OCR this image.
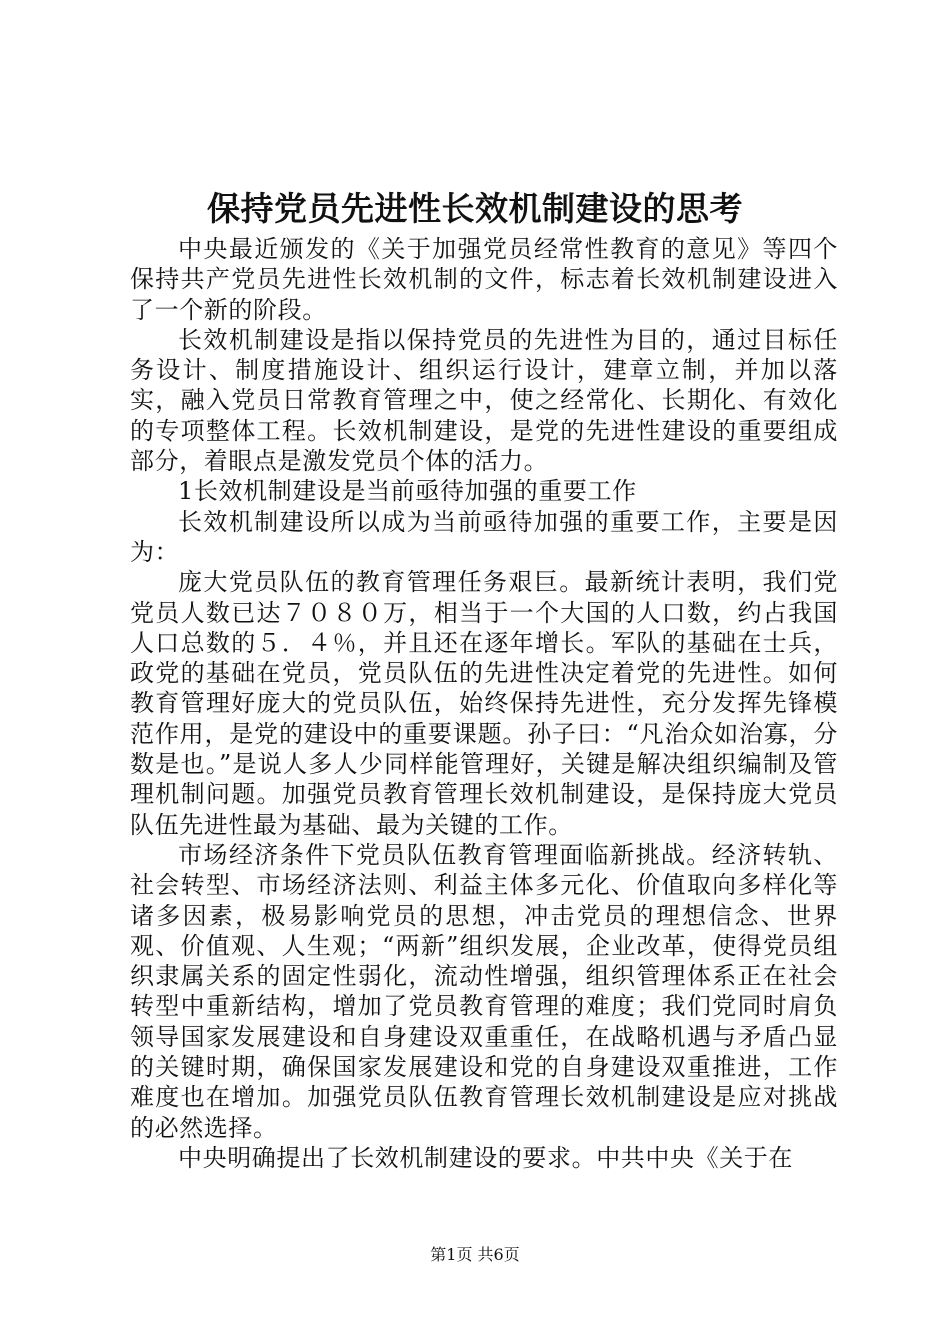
保持党员先进性长效机制建设的思考

中央最近颁发的《关于加强党员经常性教育的意见》等四个保持共产党员先进性长效机制的文件，标志着长效机制建设进入了一个新的阶段。

长效机制建设是指以保持党员的先进性为目的，通过目标任务设计、制度措施设计、组织运行设计，建章立制，并加以落实，融入党员日常教育管理之中，使之经常化、长期化、有效化的专项整体工程。长效机制建设，是党的先进性建设的重要组成部分，着眼点是激发党员个体的活力。

1长效机制建设是当前亟待加强的重要工作

长效机制建设所以成为当前亟待加强的重要工作，主要是因为：

庞大党员队伍的教育管理任务艰巨。最新统计表明，我们党党员人数已达７０８０万，相当于一个大国的人口数，约占我国人口总数的５．４％，并且还在逐年增长。军队的基础在士兵，政党的基础在党员，党员队伍的先进性决定着党的先进性。如何教育管理好庞大的党员队伍，始终保持先进性，充分发挥先锋模范作用，是党的建设中的重要课题。孙子曰：“凡治众如治寡，分数是也。”是说人多人少同样能管理好，关键是解决组织编制及管理机制问题。加强党员教育管理长效机制建设，是保持庞大党员队伍先进性最为基础、最为关键的工作。

市场经济条件下党员队伍教育管理面临新挑战。经济转轨、社会转型、市场经济法则、利益主体多元化、价值取向多样化等诸多因素，极易影响党员的思想，冲击党员的理想信念、世界观、价值观、人生观；“两新”组织发展，企业改革，使得党员组织隶属关系的固定性弱化，流动性增强，组织管理体系正在社会转型中重新结构，增加了党员教育管理的难度；我们党同时肩负领导国家发展建设和自身建设双重重任，在战略机遇与矛盾凸显的关键时期，确保国家发展建设和党的自身建设双重推进，工作难度也在增加。加强党员队伍教育管理长效机制建设是应对挑战的必然选择。

中央明确提出了长效机制建设的要求。中共中央《关于在

第1页 共6页
